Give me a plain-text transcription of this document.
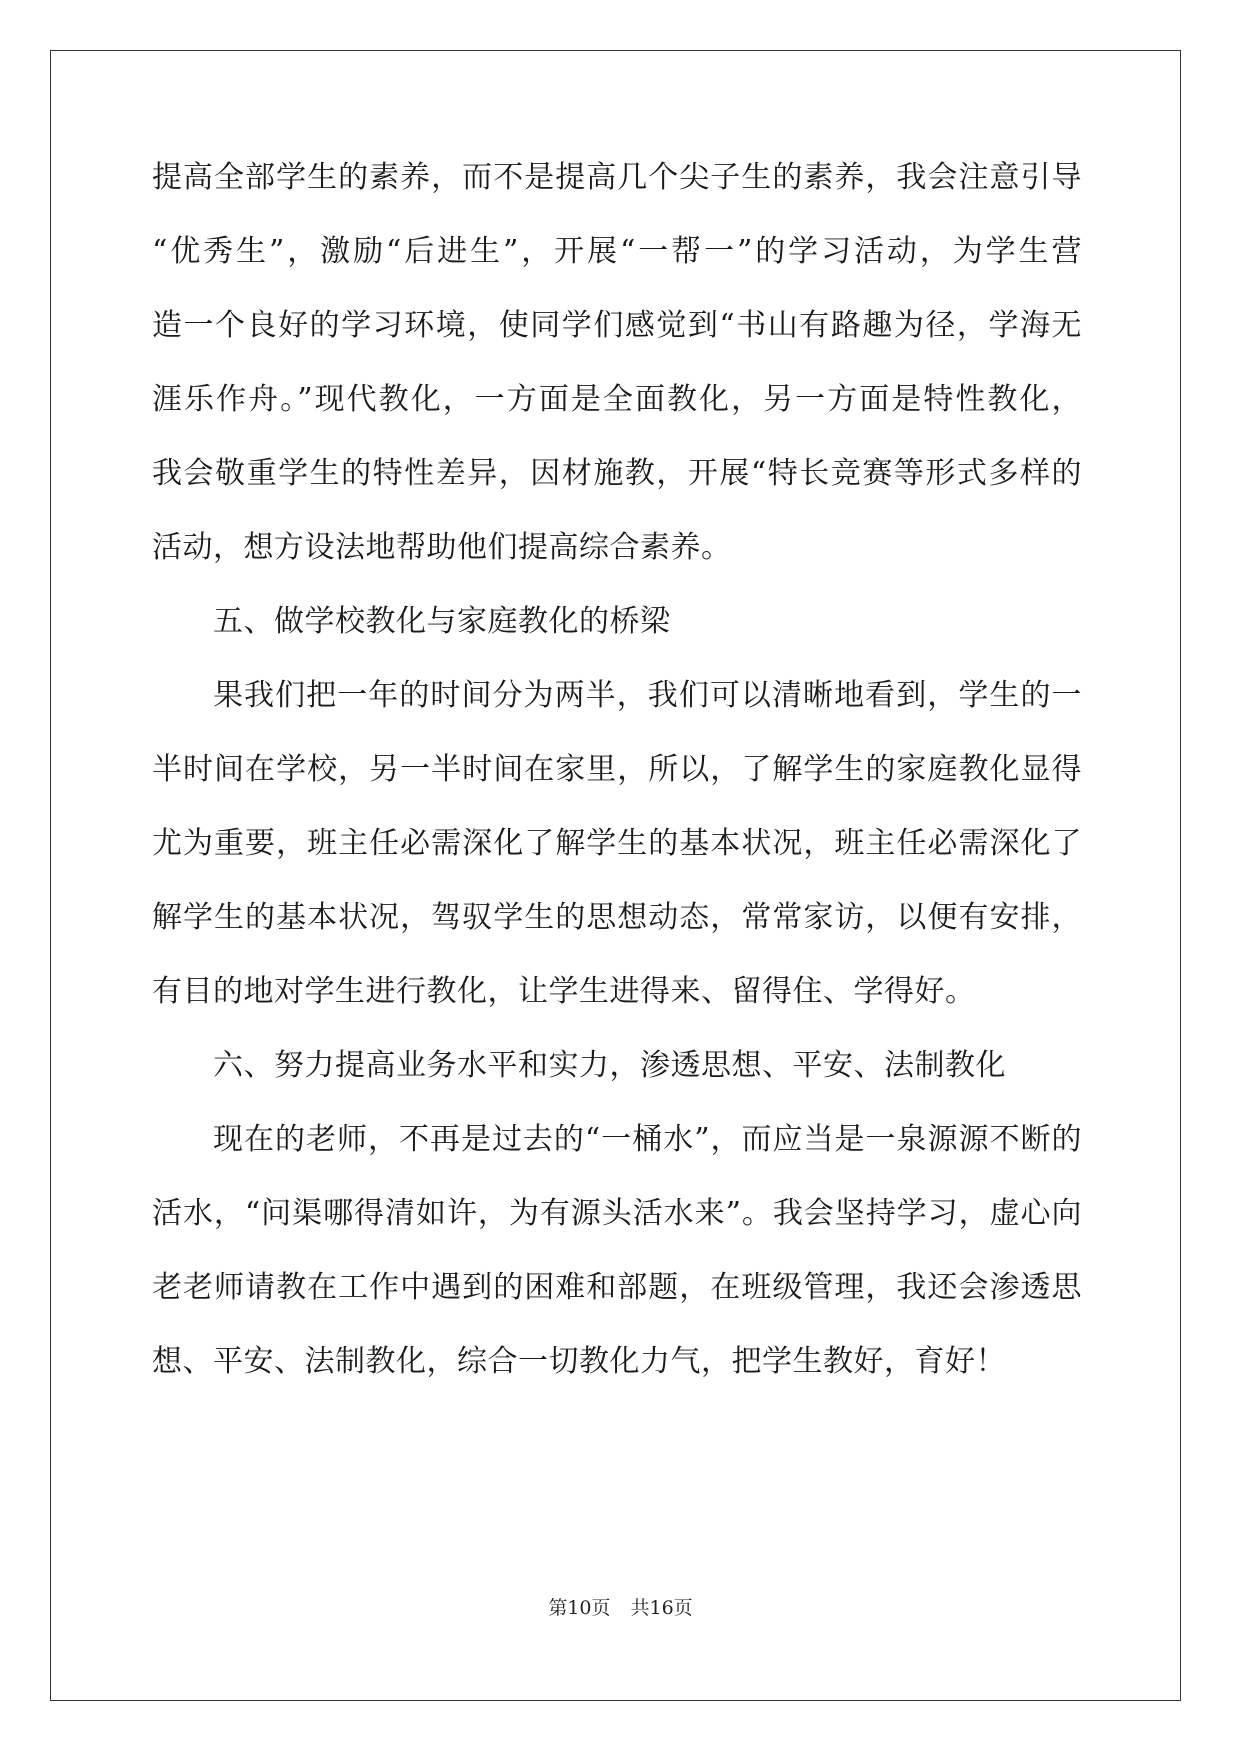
提高全部学生的素养，而不是提高几个尖子生的素养，我会注意引导
“优秀生”，激励“后进生”，开展“一帮一”的学习活动，为学生营
造一个良好的学习环境，使同学们感觉到“书山有路趣为径，学海无
涯乐作舟。”现代教化，一方面是全面教化，另一方面是特性教化，
我会敬重学生的特性差异，因材施教，开展“特长竞赛等形式多样的
活动，想方设法地帮助他们提高综合素养。
五、做学校教化与家庭教化的桥梁
果我们把一年的时间分为两半，我们可以清晰地看到，学生的一
半时间在学校，另一半时间在家里，所以，了解学生的家庭教化显得
尤为重要，班主任必需深化了解学生的基本状况，班主任必需深化了
解学生的基本状况，驾驭学生的思想动态，常常家访，以便有安排，
有目的地对学生进行教化，让学生进得来、留得住、学得好。
六、努力提高业务水平和实力，渗透思想、平安、法制教化
现在的老师，不再是过去的“一桶水”，而应当是一泉源源不断的
活水，“问渠哪得清如许，为有源头活水来”。我会坚持学习，虚心向
老老师请教在工作中遇到的困难和部题，在班级管理，我还会渗透思
想、平安、法制教化，综合一切教化力气，把学生教好，育好！
第10页 共16页
